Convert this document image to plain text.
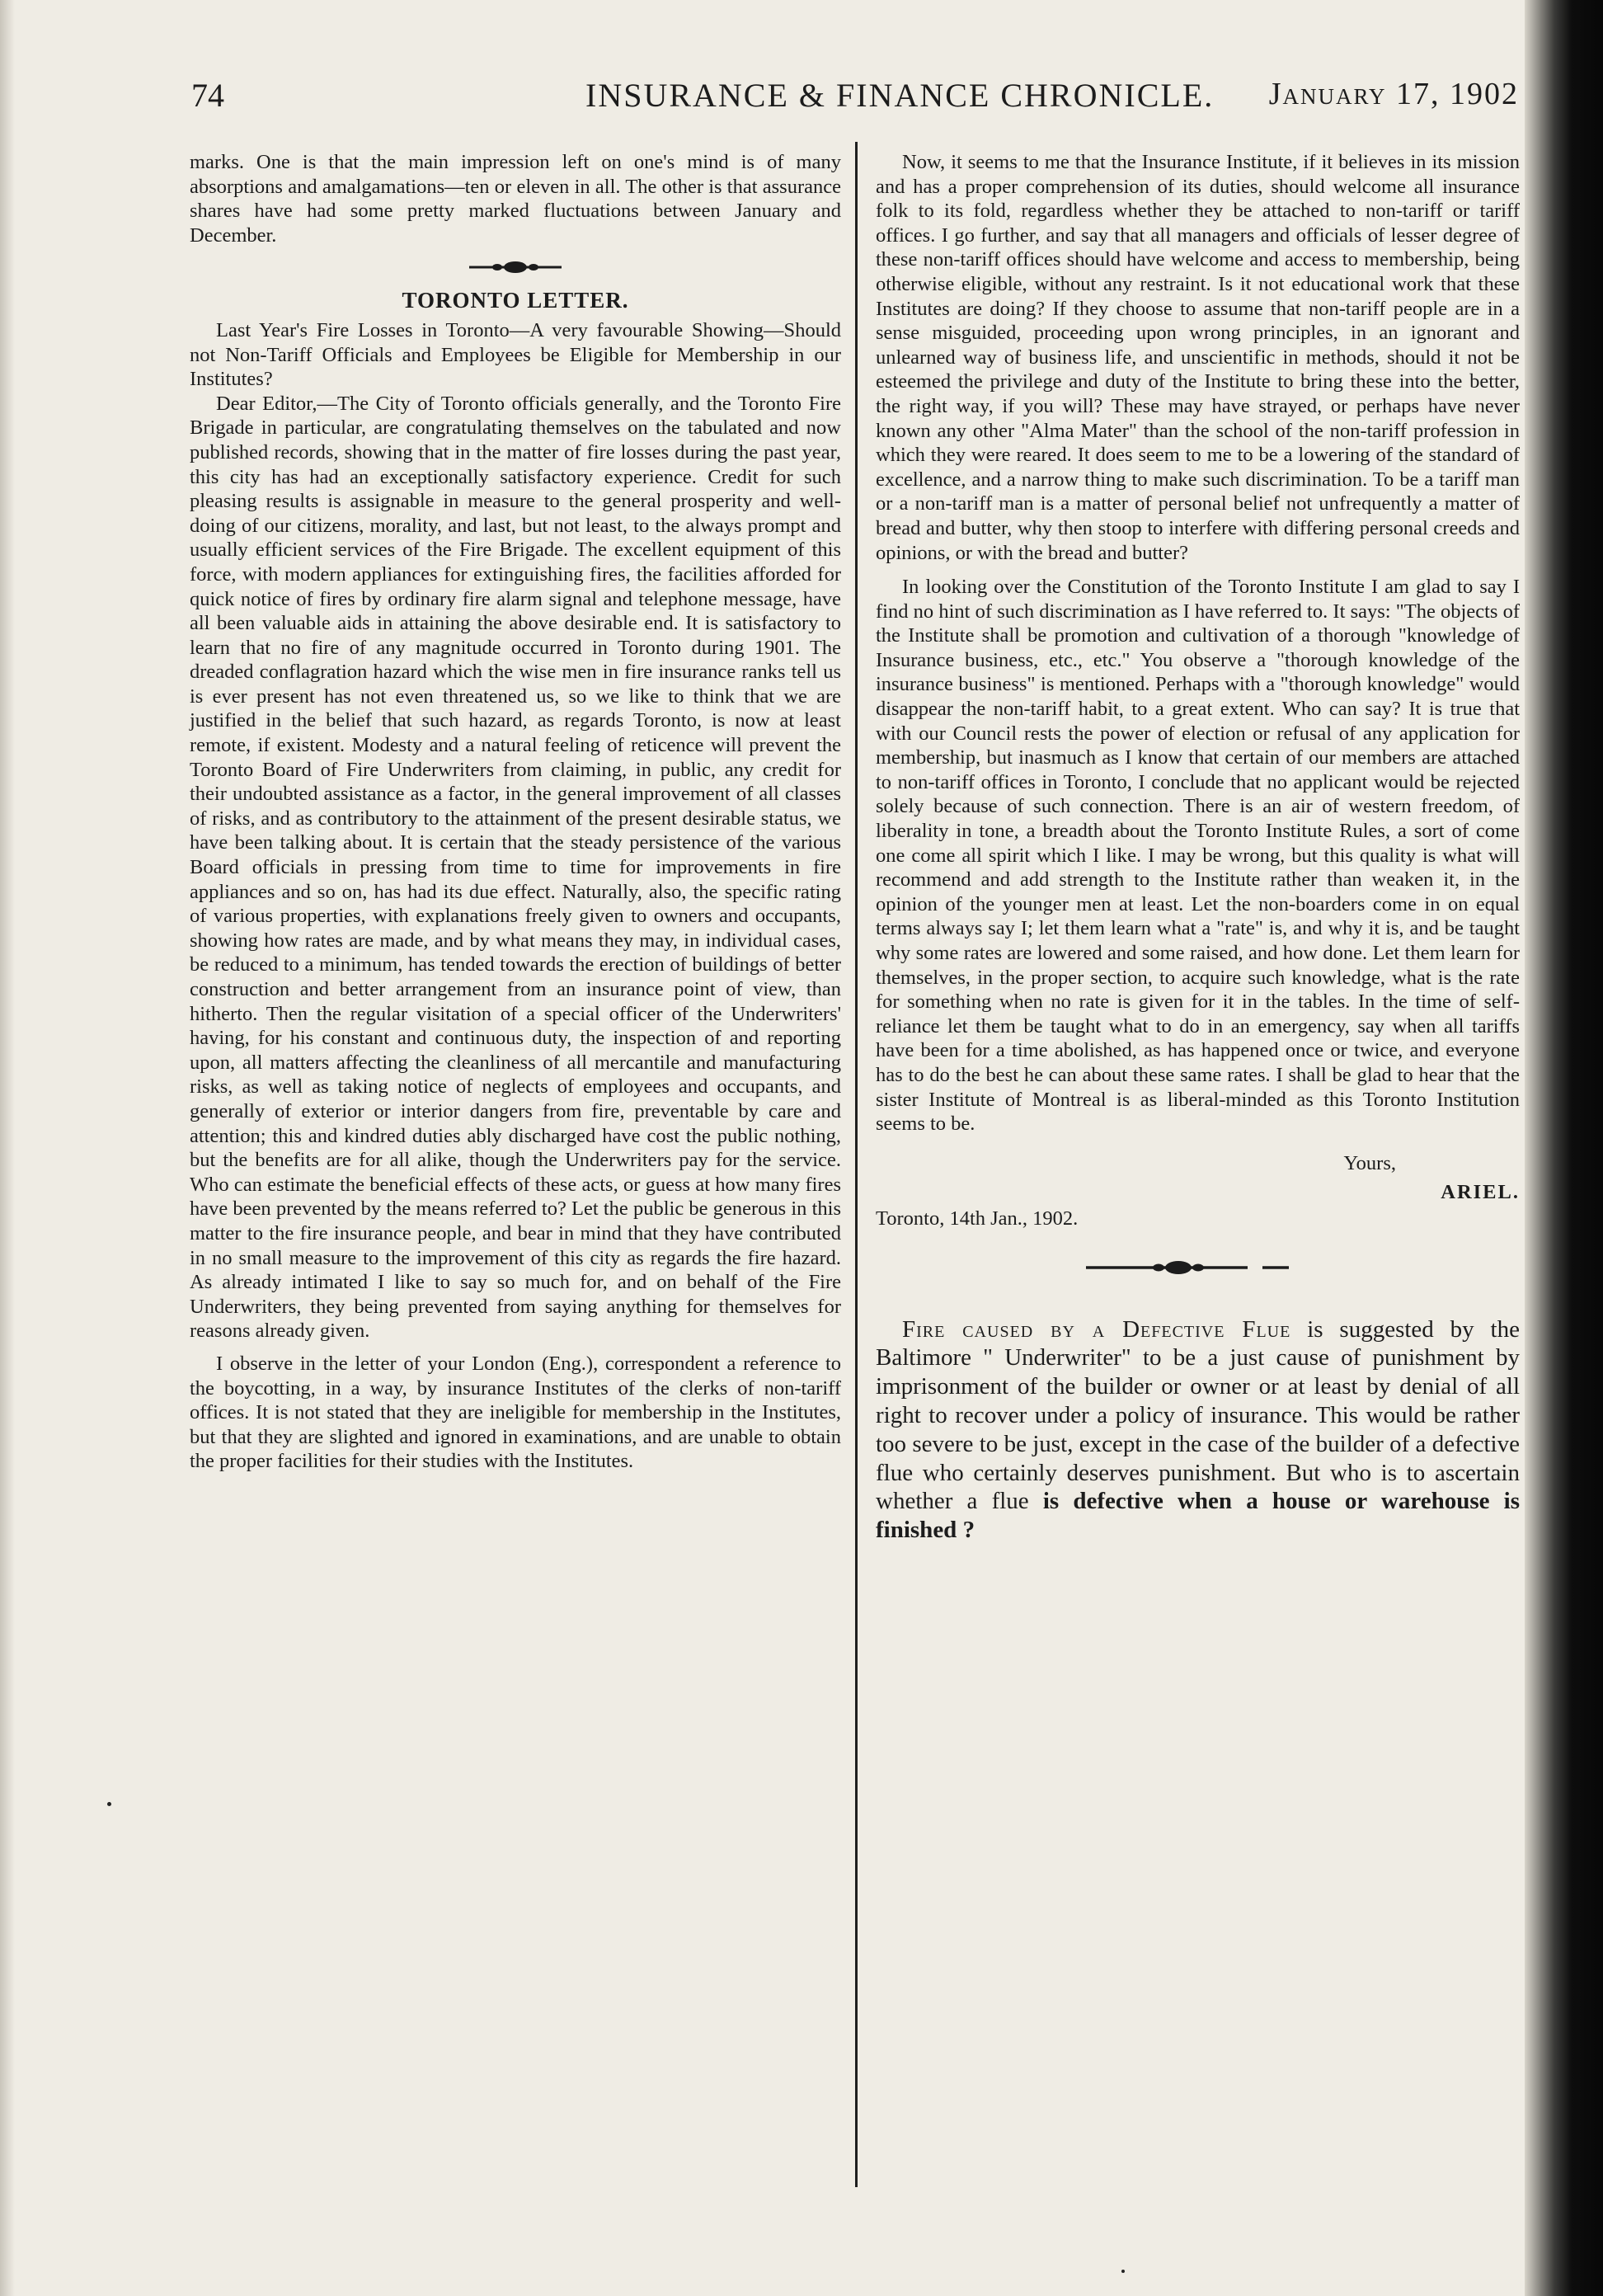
74	INSURANCE & FINANCE CHRONICLE. January 17, 1902

marks. One is that the main impression left on one's mind is of many absorptions and amalgamations—ten or eleven in all. The other is that assurance shares have had some pretty marked fluctuations between January and December.

TORONTO LETTER.

Last Year's Fire Losses in Toronto—A very favourable Showing—Should not Non-Tariff Officials and Employees be Eligible for Membership in our Institutes?

Dear Editor,—The City of Toronto officials generally, and the Toronto Fire Brigade in particular, are congratulating themselves on the tabulated and now published records, showing that in the matter of fire losses during the past year, this city has had an exceptionally satisfactory experience. Credit for such pleasing results is assignable in measure to the general prosperity and well-doing of our citizens, morality, and last, but not least, to the always prompt and usually efficient services of the Fire Brigade. The excellent equipment of this force, with modern appliances for extinguishing fires, the facilities afforded for quick notice of fires by ordinary fire alarm signal and telephone message, have all been valuable aids in attaining the above desirable end. It is satisfactory to learn that no fire of any magnitude occurred in Toronto during 1901. The dreaded conflagration hazard which the wise men in fire insurance ranks tell us is ever present has not even threatened us, so we like to think that we are justified in the belief that such hazard, as regards Toronto, is now at least remote, if existent. Modesty and a natural feeling of reticence will prevent the Toronto Board of Fire Underwriters from claiming, in public, any credit for their undoubted assistance as a factor, in the general improvement of all classes of risks, and as contributory to the attainment of the present desirable status, we have been talking about. It is certain that the steady persistence of the various Board officials in pressing from time to time for improvements in fire appliances and so on, has had its due effect. Naturally, also, the specific rating of various properties, with explanations freely given to owners and occupants, showing how rates are made, and by what means they may, in individual cases, be reduced to a minimum, has tended towards the erection of buildings of better construction and better arrangement from an insurance point of view, than hitherto. Then the regular visitation of a special officer of the Underwriters' having, for his constant and continuous duty, the inspection of and reporting upon, all matters affecting the cleanliness of all mercantile and manufacturing risks, as well as taking notice of neglects of employees and occupants, and generally of exterior or interior dangers from fire, preventable by care and attention; this and kindred duties ably discharged have cost the public nothing, but the benefits are for all alike, though the Underwriters pay for the service. Who can estimate the beneficial effects of these acts, or guess at how many fires have been prevented by the means referred to? Let the public be generous in this matter to the fire insurance people, and bear in mind that they have contributed in no small measure to the improvement of this city as regards the fire hazard. As already intimated I like to say so much for, and on behalf of the Fire Underwriters, they being prevented from saying anything for themselves for reasons already given.

I observe in the letter of your London (Eng.), correspondent a reference to the boycotting, in a way, by insurance Institutes of the clerks of non-tariff offices. It is not stated that they are ineligible for membership in the Institutes, but that they are slighted and ignored in examinations, and are unable to obtain the proper facilities for their studies with the Institutes.

Now, it seems to me that the Insurance Institute, if it believes in its mission and has a proper comprehension of its duties, should welcome all insurance folk to its fold, regardless whether they be attached to non-tariff or tariff offices. I go further, and say that all managers and officials of lesser degree of these non-tariff offices should have welcome and access to membership, being otherwise eligible, without any restraint. Is it not educational work that these Institutes are doing? If they choose to assume that non-tariff people are in a sense misguided, proceeding upon wrong principles, in an ignorant and unlearned way of business life, and unscientific in methods, should it not be esteemed the privilege and duty of the Institute to bring these into the better, the right way, if you will? These may have strayed, or perhaps have never known any other "Alma Mater" than the school of the non-tariff profession in which they were reared. It does seem to me to be a lowering of the standard of excellence, and a narrow thing to make such discrimination. To be a tariff man or a non-tariff man is a matter of personal belief not unfrequently a matter of bread and butter, why then stoop to interfere with differing personal creeds and opinions, or with the bread and butter?

In looking over the Constitution of the Toronto Institute I am glad to say I find no hint of such discrimination as I have referred to. It says: "The objects of the Institute shall be promotion and cultivation of a thorough "knowledge of Insurance business, etc., etc." You observe a "thorough knowledge of the insurance business" is mentioned. Perhaps with a "thorough knowledge" would disappear the non-tariff habit, to a great extent. Who can say? It is true that with our Council rests the power of election or refusal of any application for membership, but inasmuch as I know that certain of our members are attached to non-tariff offices in Toronto, I conclude that no applicant would be rejected solely because of such connection. There is an air of western freedom, of liberality in tone, a breadth about the Toronto Institute Rules, a sort of come one come all spirit which I like. I may be wrong, but this quality is what will recommend and add strength to the Institute rather than weaken it, in the opinion of the younger men at least. Let the non-boarders come in on equal terms always say I; let them learn what a "rate" is, and why it is, and be taught why some rates are lowered and some raised, and how done. Let them learn for themselves, in the proper section, to acquire such knowledge, what is the rate for something when no rate is given for it in the tables. In the time of self-reliance let them be taught what to do in an emergency, say when all tariffs have been for a time abolished, as has happened once or twice, and everyone has to do the best he can about these same rates. I shall be glad to hear that the sister Institute of Montreal is as liberal-minded as this Toronto Institution seems to be.

Yours,
ARIEL.
Toronto, 14th Jan., 1902.

Fire caused by a Defective Flue is suggested by the Baltimore " Underwriter" to be a just cause of punishment by imprisonment of the builder or owner or at least by denial of all right to recover under a policy of insurance. This would be rather too severe to be just, except in the case of the builder of a defective flue who certainly deserves punishment. But who is to ascertain whether a flue is defective when a house or warehouse is finished ?
